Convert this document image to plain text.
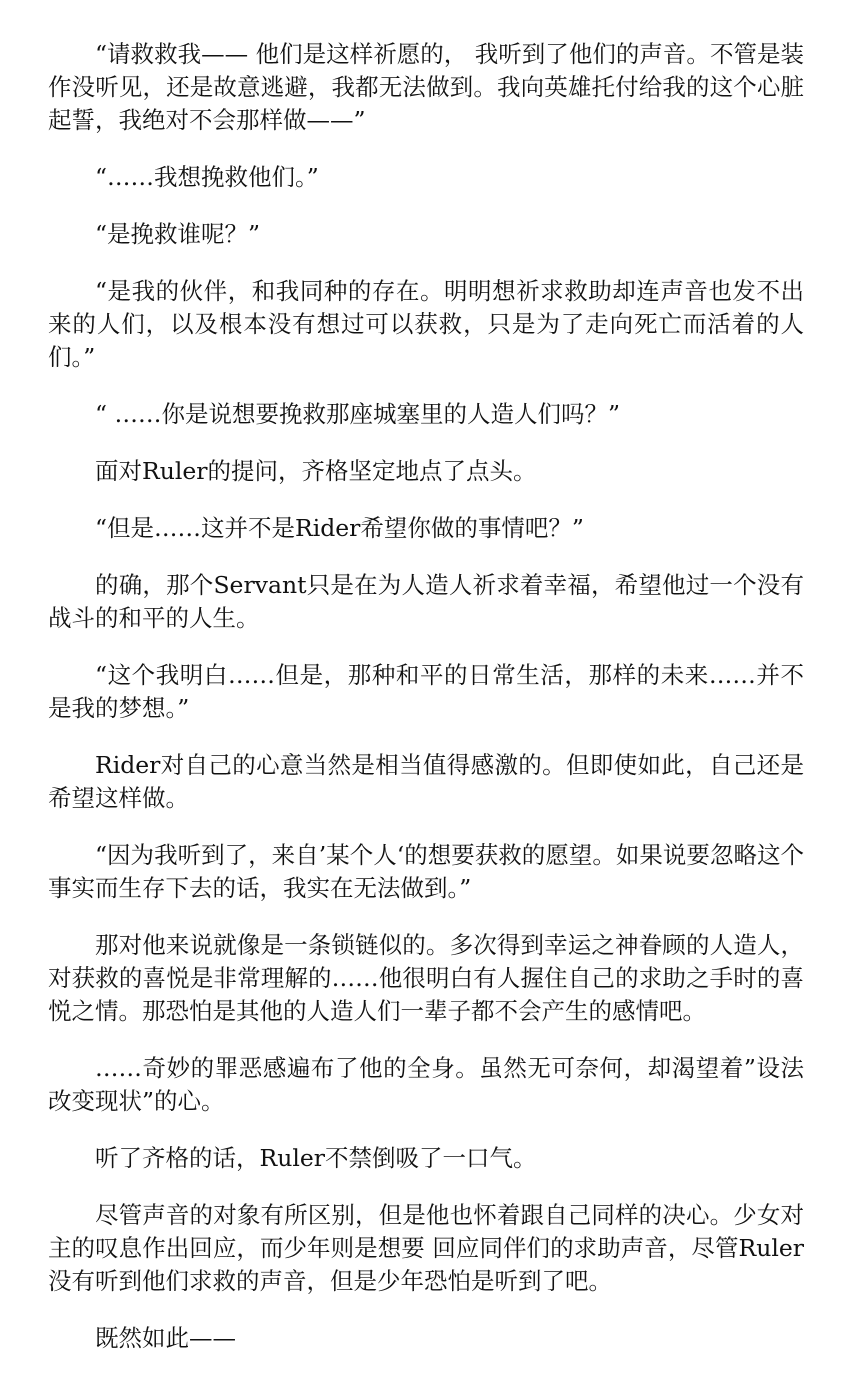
“请救救我—— 他们是这样祈愿的， 我听到了他们的声音。不管是装作没听见，还是故意逃避，我都无法做到。我向英雄托付给我的这个心脏起誓，我绝对不会那样做——”

“……我想挽救他们。”

“是挽救谁呢？”

“是我的伙伴，和我同种的存在。明明想祈求救助却连声音也发不出来的人们，以及根本没有想过可以获救，只是为了走向死亡而活着的人们。”

“ ……你是说想要挽救那座城塞里的人造人们吗？”

面对Ruler的提问，齐格坚定地点了点头。

“但是……这并不是Rider希望你做的事情吧？”

的确，那个Servant只是在为人造人祈求着幸福，希望他过一个没有战斗的和平的人生。

“这个我明白……但是，那种和平的日常生活，那样的未来……并不是我的梦想。”

Rider对自己的心意当然是相当值得感激的。但即使如此，自己还是希望这样做。

“因为我听到了，来自’某个人‘的想要获救的愿望。如果说要忽略这个事实而生存下去的话，我实在无法做到。”

那对他来说就像是一条锁链似的。多次得到幸运之神眷顾的人造人，对获救的喜悦是非常理解的……他很明白有人握住自己的求助之手时的喜悦之情。那恐怕是其他的人造人们一辈子都不会产生的感情吧。

……奇妙的罪恶感遍布了他的全身。虽然无可奈何，却渴望着”设法改变现状”的心。

听了齐格的话，Ruler不禁倒吸了一口气。

尽管声音的对象有所区别，但是他也怀着跟自己同样的决心。少女对主的叹息作出回应，而少年则是想要 回应同伴们的求助声音，尽管Ruler没有听到他们求救的声音，但是少年恐怕是听到了吧。

既然如此——
